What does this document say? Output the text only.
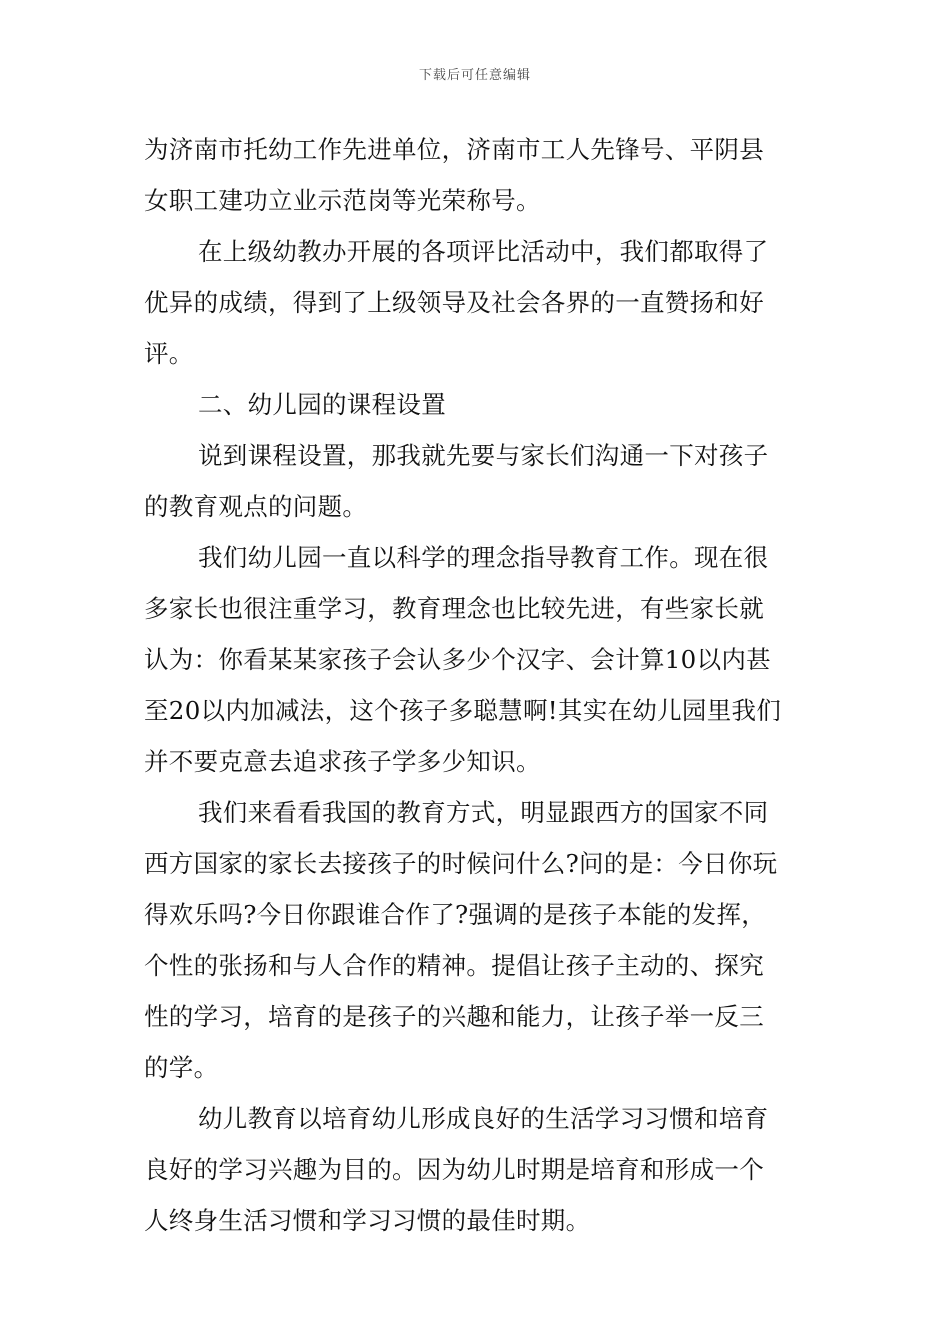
下载后可任意编辑
为济南市托幼工作先进单位，济南市工人先锋号、平阴县
女职工建功立业示范岗等光荣称号。
在上级幼教办开展的各项评比活动中，我们都取得了
优异的成绩，得到了上级领导及社会各界的一直赞扬和好
评。
二、幼儿园的课程设置
说到课程设置，那我就先要与家长们沟通一下对孩子
的教育观点的问题。
我们幼儿园一直以科学的理念指导教育工作。现在很
多家长也很注重学习，教育理念也比较先进，有些家长就
认为：你看某某家孩子会认多少个汉字、会计算10以内甚
至20以内加减法，这个孩子多聪慧啊!其实在幼儿园里我们
并不要克意去追求孩子学多少知识。
我们来看看我国的教育方式，明显跟西方的国家不同
西方国家的家长去接孩子的时候问什么?问的是：今日你玩
得欢乐吗?今日你跟谁合作了?强调的是孩子本能的发挥，
个性的张扬和与人合作的精神。提倡让孩子主动的、探究
性的学习，培育的是孩子的兴趣和能力，让孩子举一反三
的学。
幼儿教育以培育幼儿形成良好的生活学习习惯和培育
良好的学习兴趣为目的。因为幼儿时期是培育和形成一个
人终身生活习惯和学习习惯的最佳时期。
